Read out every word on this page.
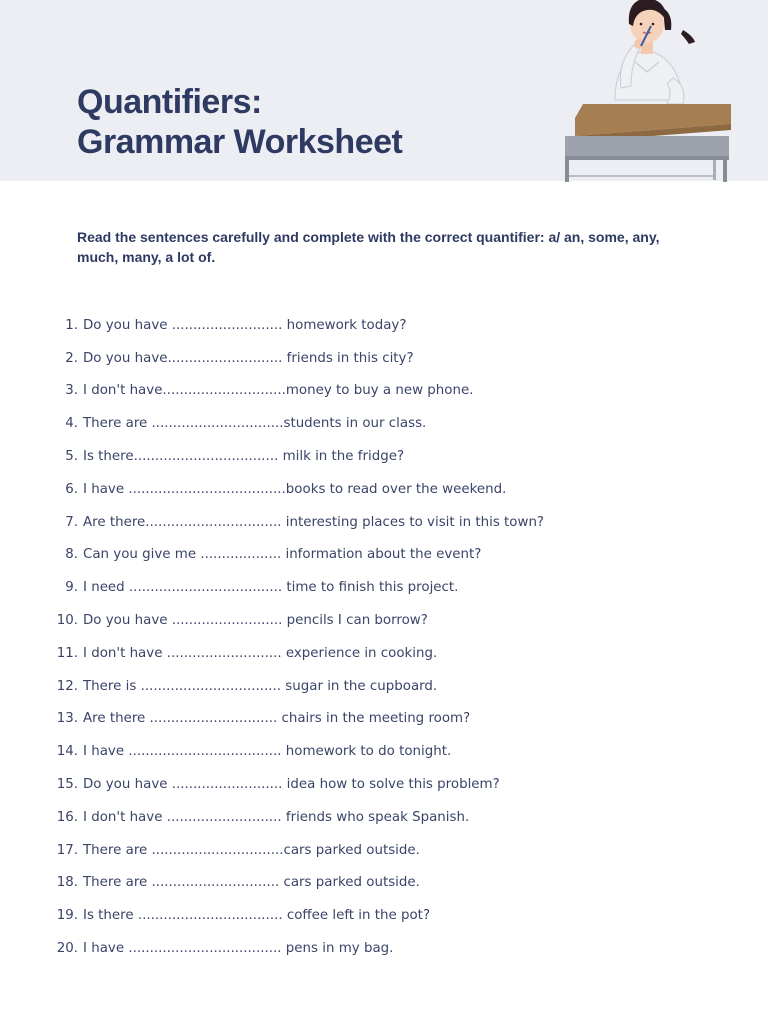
Quantifiers:
Grammar Worksheet
Read the sentences carefully and complete with the correct quantifier: a/ an, some, any, much, many, a lot of.
1. Do you have .......................... homework today?
2. Do you have........................... friends in this city?
3. I don't have.............................money to buy a new phone.
4. There are ...............................students in our class.
5. Is there.................................. milk in the fridge?
6. I have .....................................books to read over the weekend.
7. Are there................................ interesting places to visit in this town?
8. Can you give me ................... information about the event?
9. I need .................................... time to finish this project.
10. Do you have .......................... pencils I can borrow?
11. I don't have ........................... experience in cooking.
12. There is ................................. sugar in the cupboard.
13. Are there .............................. chairs in the meeting room?
14. I have .................................... homework to do tonight.
15. Do you have .......................... idea how to solve this problem?
16. I don't have ........................... friends who speak Spanish.
17. There are ...............................cars parked outside.
18. There are .............................. cars parked outside.
19. Is there .................................. coffee left in the pot?
20. I have .................................... pens in my bag.
